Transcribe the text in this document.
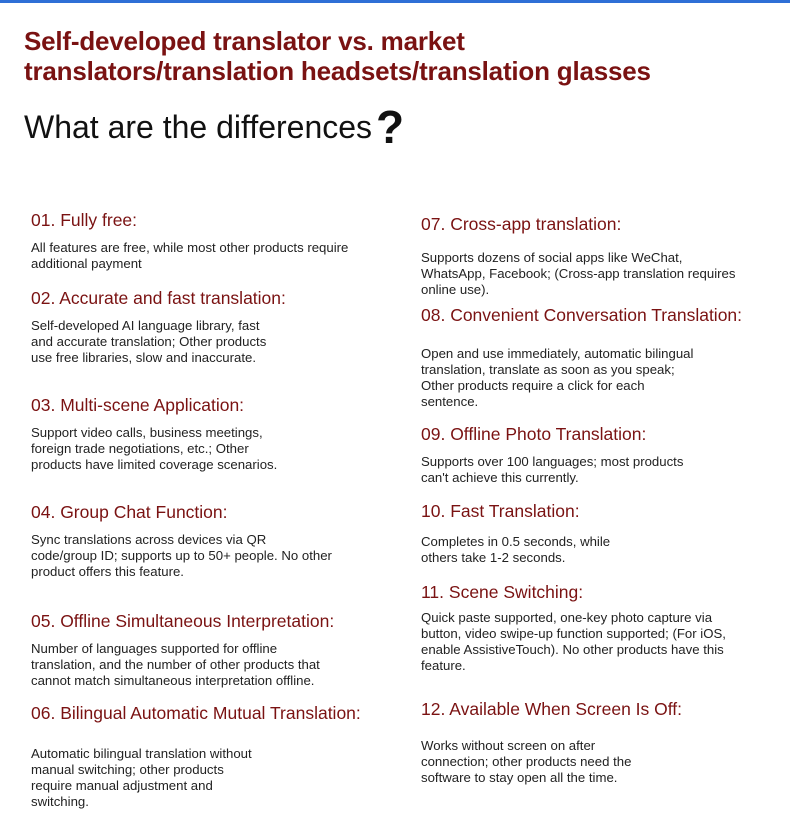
Self-developed translator vs. market
translators/translation headsets/translation glasses
What are the differences?
01. Fully free:
All features are free, while most other products require
additional payment
02. Accurate and fast translation:
Self-developed AI language library, fast
and accurate translation; Other products
use free libraries, slow and inaccurate.
03. Multi-scene Application:
Support video calls, business meetings,
foreign trade negotiations, etc.; Other
products have limited coverage scenarios.
04. Group Chat Function:
Sync translations across devices via QR
code/group ID; supports up to 50+ people. No other
product offers this feature.
05. Offline Simultaneous Interpretation:
Number of languages supported for offline
translation, and the number of other products that
cannot match simultaneous interpretation offline.
06. Bilingual Automatic Mutual Translation:
Automatic bilingual translation without
manual switching; other products
require manual adjustment and
switching.
07. Cross-app translation:
Supports dozens of social apps like WeChat,
WhatsApp, Facebook; (Cross-app translation requires
online use).
08. Convenient Conversation Translation:
Open and use immediately, automatic bilingual
translation, translate as soon as you speak;
Other products require a click for each
sentence.
09. Offline Photo Translation:
Supports over 100 languages; most products
can't achieve this currently.
10. Fast Translation:
Completes in 0.5 seconds, while
others take 1-2 seconds.
11. Scene Switching:
Quick paste supported, one-key photo capture via
button, video swipe-up function supported; (For iOS,
enable AssistiveTouch). No other products have this
feature.
12. Available When Screen Is Off:
Works without screen on after
connection; other products need the
software to stay open all the time.
